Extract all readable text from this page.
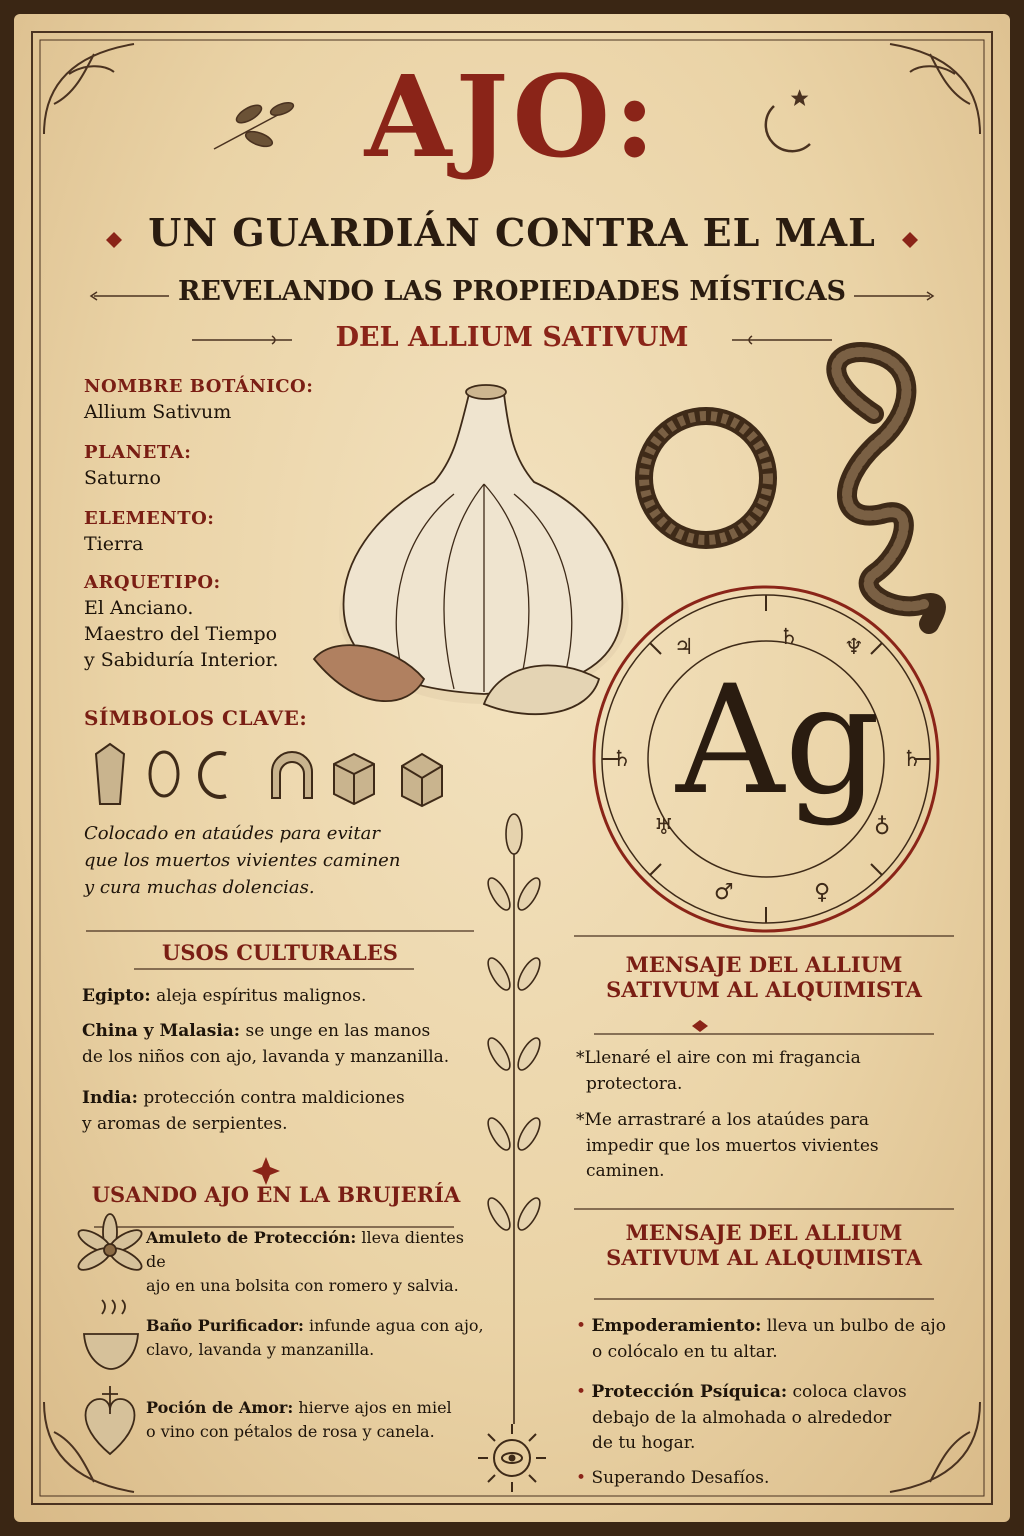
♄
♄	♄
♆
♃
♅	♁
♂	♀
AJO:
UN GUARDIÁN CONTRA EL MAL
REVELANDO LAS PROPIEDADES MÍSTICAS
DEL ALLIUM SATIVUM
NOMBRE BOTÁNICO:
Allium Sativum
PLANETA:
Saturno
ELEMENTO:
Tierra
ARQUETIPO:
El Anciano.
Maestro del Tiempo
y Sabiduría Interior.
SÍMBOLOS CLAVE:
Colocado en ataúdes para evitar
que los muertos vivientes caminen
y cura muchas dolencias.
Ag
USOS CULTURALES
Egipto: aleja espíritus malignos.
China y Malasia: se unge en las manos
de los niños con ajo, lavanda y manzanilla.
India: protección contra maldiciones
y aromas de serpientes.
USANDO AJO EN LA BRUJERÍA
Amuleto de Protección: lleva dientes de
ajo en una bolsita con romero y salvia.
Baño Purificador: infunde agua con ajo,
clavo, lavanda y manzanilla.
Poción de Amor: hierve ajos en miel
o vino con pétalos de rosa y canela.
MENSAJE DEL ALLIUM
SATIVUM AL ALQUIMISTA
*Llenaré el aire con mi fragancia
protectora.
*Me arrastraré a los ataúdes para
impedir que los muertos vivientes
caminen.
MENSAJE DEL ALLIUM
SATIVUM AL ALQUIMISTA
• Empoderamiento: lleva un bulbo de ajo
o colócalo en tu altar.
• Protección Psíquica: coloca clavos
debajo de la almohada o alrededor
de tu hogar.
• Superando Desafíos.
